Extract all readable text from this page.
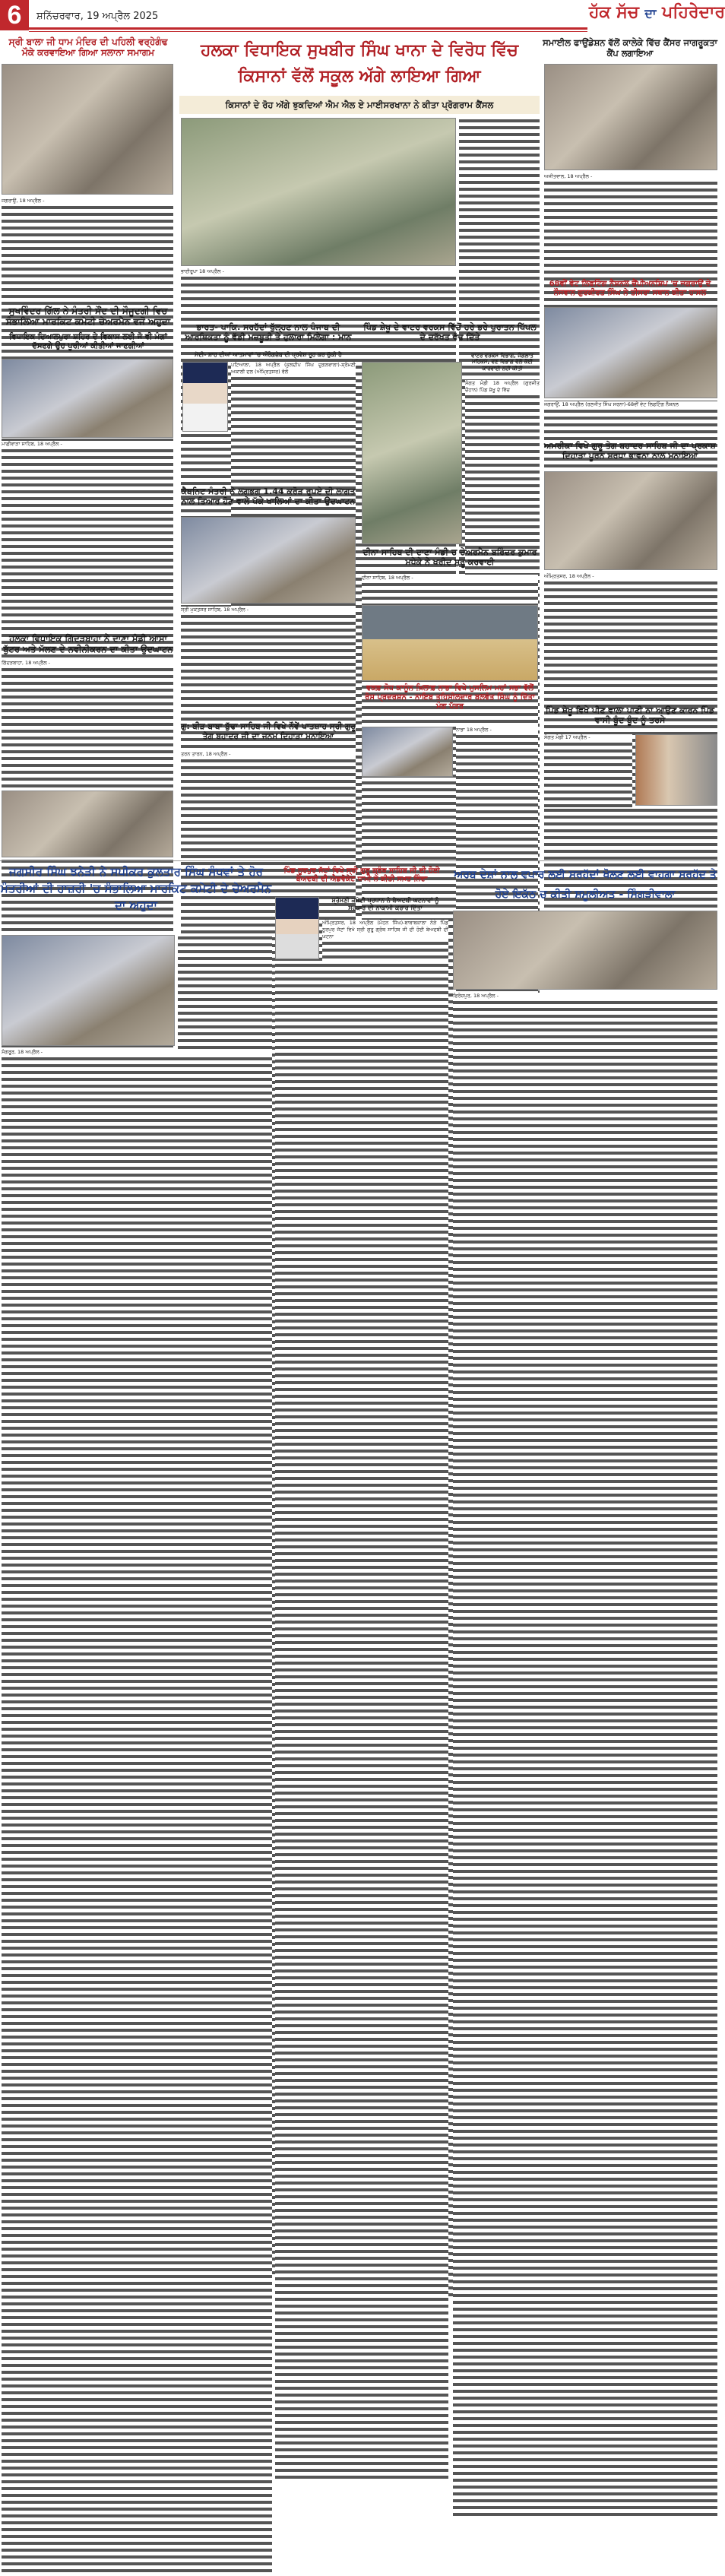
6	ਸ਼ਨਿੱਚਰਵਾਰ, 19 ਅਪ੍ਰੈਲ 2025	ਹੱਕ ਸੱਚ ਦਾ ਪਹਿਰੇਦਾਰ
ਸ੍ਰੀ ਬਾਲਾ ਜੀ ਧਾਮ ਮੰਦਿਰ ਦੀ ਪਹਿਲੀ ਵਰ੍ਹੇਗੰਢ ਮੌਕੇ ਕਰਵਾਇਆ ਗਿਆ ਸਲਾਨਾ ਸਮਾਗਮ
ਜਗਰਾਉਂ, 18 ਅਪ੍ਰੈਲ -
ਸੁਖਵਿੰਦਰ ਗਿੱਲ ਨੇ ਮੰਤਰੀ ਸੌਂਦ ਦੀ ਮੌਜੂਦਗੀ ਵਿਚ ਸੰਭਾਲਿਆ ਮਾਰਕਿਟ ਕਮੇਟੀ ਚੇਅਰਮੈਨ ਵਜੋਂ ਅਹੁਦਾ
ਵਿਧਾਇਕ ਦਿਆਲਪੁਰਾ ਸ਼ਹਿਰ ਦੇ ਵਿਕਾਸ ਲਈ ਜੋ ਵੀ ਮੰਗਾਂ ਦੱਸਣਗੇ ਉਹ ਪੂਰੀਆਂ ਕੀਤੀਆਂ ਜਾਣਗੀਆਂ
ਮਾਛੀਵਾੜਾ ਸਾਹਿਬ, 18 ਅਪ੍ਰੈਲ -
ਹਲਕਾ ਵਿਧਾਇਕ ਗਿੱਦੜਬਾਹਾ ਨੇ ਦਾਣਾ ਮੰਡੀ ਆਸਾ ਬੁੱਟਰ ਅਤੇ ਮੱਲਣ ਦੇ ਨਵੀਨੀਕਰਨ ਦਾ ਕੀਤਾ ਉਦਘਾਟਨ
ਗਿੱਦੜਬਾਹਾ, 18 ਅਪ੍ਰੈਲ -
ਹਲਕਾ ਵਿਧਾਇਕ ਸੁਖਬੀਰ ਸਿੰਘ ਖਾਨਾ ਦੇ ਵਿਰੋਧ ਵਿੱਚ ਕਿਸਾਨਾਂ ਵੱਲੋਂ ਸਕੂਲ ਅੱਗੇ ਲਾਇਆ ਗਿਆ
ਕਿਸਾਨਾਂ ਦੇ ਰੋਹ ਅੱਗੇ ਝੁਕਦਿਆਂ ਐਮ ਐਲ ਏ ਮਾਈਸਰਖਾਨਾ ਨੇ ਕੀਤਾ ਪ੍ਰੋਗਰਾਮ ਕੈਂਸਲ
ਭਾਈਰੂਪਾ 18 ਅਪ੍ਰੈਲ -
ਭਾਰਤ- ਪਾਕਿ. ਸਰਹੱਦਾਂ ਖੁੱਲ੍ਹਣ ਨਾਲ ਪੰਜਾਬ ਦੀ ਆਰਥਿਕਤਾ ਨੂੰ ਵੱਡੀ ਮਜ਼ਬੂਤੀ ਤੇ ਹੁਲਾਰਾ ਮਿਲੇਗਾ : ਮਾਨ
ਮੋਦੀ- ਸ਼ਾਹ ਦੀਆਂ ਆਤਮਾਵਾਂ 'ਚ ਔਰੰਗਜ਼ੇਬ ਦੀ ਪ੍ਰਵੇਸ਼ ਰੂਹ ਕਰ ਚੁੱਕੀ ਹੈ
ਪਟਿਆਲਾ, 18 ਅਪ੍ਰੈਲ (ਕੁਲਦੀਪ ਸਿੰਘ ਦੁਗਲਵਾਲਾ)-ਸ਼੍ਰੋਮਣੀ ਅਕਾਲੀ ਦਲ (ਅੰਮ੍ਰਿਤਸਰ) ਵੱਲੋਂ
ਕੈਬਨਿਟ ਮੰਤਰੀ ਨੇ ਲਗਭਗ 1.44 ਕਰੋੜ ਰੁਪਏ ਦੀ ਲਾਗਤ ਨਾਲ ਤਿਆਰ ਹੋਣ ਵਾਲੇ ਪੱਕੇ ਖਾਲਿਆਂ ਦਾ ਕੀਤਾ ਉਦਘਾਟਨ
ਸ੍ਰੀ ਮੁਕਤਸਰ ਸਾਹਿਬ, 18 ਅਪ੍ਰੈਲ -
ਪਿੰਡ ਸ਼ੇਖੂ ਦੇ ਵਾਟਰ ਵਰਕਸ ਵਿੱਚੋਂ ਹਰੇ ਭਰੇ ਪੁਰਾਤਨ ਪਿੱਪਲ ਦੇ ਦਰੱਖਤ ਵੱਢ ਦਿੱਤੇ
ਵਾਟਰ ਵਰਕਸ ਵਿਭਾਗ, ਜੰਗਲਾਤ ਮਹਿਕਮੇ, ਵਣ ਵਿਭਾਗ ਵੱਲੋਂ ਕੋਈ ਕਾਰਵਾਈ ਨਹੀਂ ਕੀਤੀ
ਸੰਗਤ ਮੰਡੀ 18 ਅਪ੍ਰੈਲ (ਗੁਰਜੀਤ ਚੌਹਾਨ) ਪਿੰਡ ਸ਼ੇਖੂ ਦੇ ਵਿੱਚ
ਦੀਨਾ ਸਾਹਿਬ ਦੀ ਦਾਣਾ ਮੰਡੀ ਚ ਚੇਅਰਮੈਨ ਬਰਿੰਦਰ ਕੁਮਾਰ ਮਧੇਕੇ ਨੇ ਖਰੀਦ ਸ਼ੁਰੂ ਕਰਵਾਈ
ਦੀਨਾ ਸਾਹਿਬ, 18 ਅਪ੍ਰੈਲ -
ਵਕਫ਼ ਸੋਧ ਕਾਨੂੰਨ ਖ਼ਿਲਾਫ਼ ਨਾਭਾ ਵਿਖੇ ਮੁਸਲਿਮ ਮਹਾਂ ਸਭਾ ਵੱਲੋਂ ਰੋਸ ਪ੍ਰਦਰਸ਼ਨ - ਨਾਇਬ ਤਹਿਸੀਲਦਾਰ ਬਲਵੰਤ ਸਿੰਘ ਨੂੰ ਦਿੱਤਾ ਮੰਗ ਪੱਤਰ
ਨਾਭਾ 18 ਅਪ੍ਰੈਲ -
ਗੁ: ਬੀੜ ਬਾਬਾ ਬੁੱਢਾ ਸਾਹਿਬ ਜੀ ਵਿਖੇ ਨੌਵੇਂ ਪਾਤਸ਼ਾਹ ਸ੍ਰੀ ਗੁਰੂ ਤੇਗ ਬਹਾਦਰ ਜੀ ਦਾ ਜਨਮ ਦਿਹਾੜਾ ਮਨਾਇਆ
ਤਰਨ ਤਾਰਨ, 18 ਅਪ੍ਰੈਲ -
ਸਮਾਈਲ ਫਾਉਂਡੇਸ਼ਨ ਵੱਲੋਂ ਕਾਲੇਕੇ ਵਿੱਚ ਕੈਂਸਰ ਜਾਗਰੂਕਤਾ ਕੈਂਪ ਲਗਾਇਆ
ਅਜੀਤਵਾਲ, 18 ਅਪ੍ਰੈਲ -
68ਵੀਂ ਵੇਟ ਲਿਫਟਿੰਗ ਨੈਸ਼ਨਲ ਚੈਂਪੀਅਨਸ਼ਿਪ 'ਚ ਜਗਰਾਉਂ ਦੇ ਨੌਜਵਾਨ ਗੁਰਕੀਰਤ ਸਿੰਘ ਨੇ ਤੀਸਰਾ ਸਥਾਨ ਕੀਤਾ ਹਾਸਲ
ਜਗਰਾਉਂ, 18 ਅਪ੍ਰੈਲ (ਰਣਜੀਤ ਸਿੰਘ ਸਰਨਾ)-68ਵੀਂ ਵੇਟ ਲਿਫਟਿੰਗ ਨੈਸ਼ਨਲ
ਅਮਰੀਕਾ ਵਿਖੇ ਗੁਰੂ ਤੇਗ ਬਹਾਦਰ ਸਾਹਿਬ ਜੀ ਦਾ ਪ੍ਰਕਾਸ਼ ਦਿਹਾੜਾ ਪੂਰਨ ਸ਼ਰਧਾ ਭਾਵਨਾ ਨਾਲ ਮਨਾਇਆ
ਅੰਮ੍ਰਿਤਸਰ, 18 ਅਪ੍ਰੈਲ -
ਪਿੰਡ ਸ਼ੇਖੂ ਵਿਖੇ ਪੀਣ ਵਾਲਾ ਪਾਣੀ ਨਾ ਆਉਣ ਕਾਰਨ ਪਿੰਡ ਵਾਸੀ ਬੂੰਦ ਬੂੰਦ ਨੂੰ ਤਰਸੇ
ਸੰਗਤ ਮੰਡੀ 17 ਅਪ੍ਰੈਲ -
ਜਗਸੀਰ ਸਿੰਘ ਝਨੇੜੀ ਨੇ ਸਪੀਕਰ ਕੁਲਤਾਰ ਸਿੰਘ ਸੰਧਵਾਂ ਤੇ ਹੋਰ ਮੰਤਰੀਆਂ ਦੀ ਹਾਜ਼ਰੀ 'ਚ ਸੰਭਾਲਿਆ ਮਾਰਕਿਟ ਕਮੇਟੀ ਦੇ ਚੇਅਰਮੈਨ ਦਾ ਅਹੁਦਾ
ਸੰਗਰੂਰ, 18 ਅਪ੍ਰੈਲ -
ਪਿੰਡ ਨੂਰਪੁਰ ਜੱਟਾਂ ਵਿਖੇ ਸ੍ਰੀ ਗੁਰੂ ਗ੍ਰੰਥ ਸਾਹਿਬ ਜੀ ਦੀ ਹੋਈ ਬੇਅਦਬੀ ਦੀ ਐਡਵੋਕੇਟ ਧਾਮੀ ਨੇ ਕੀਤੀ ਸਖ਼ਤ ਨਿੰਦਾ
ਸ਼੍ਰੋਮਣੀ ਕਮੇਟੀ ਪ੍ਰਧਾਨ ਨੇ ਬੇਅਦਬੀ ਘਟਨਾਵਾਂ ਨੂੰ ਸਰਕਾਰ ਦੀ ਨਾਕਾਮੀ ਕਰਾਰ ਦਿੱਤਾ
ਅੰਮ੍ਰਿਤਸਰ, 18 ਅਪ੍ਰੈਲ (ਮੋਹਨ ਸਿੰਘ)-ਬਾਬਾਬਕਾਲਾ ਨੇੜੇ ਪਿੰਡ ਨੂਰਪੁਰ ਜੱਟਾਂ ਵਿਖੇ ਸ੍ਰੀ ਗੁਰੂ ਗ੍ਰੰਥ ਸਾਹਿਬ ਜੀ ਦੀ ਹੋਈ ਬੇਅਦਬੀ ਦੀ ਘਟਨਾ
ਅਰਬ ਦੇਸ਼ਾਂ ਨਾਲ ਵਪਾਰ ਲਈ ਸਰਹੱਦਾਂ ਖੋਲਣ ਲਈ ਵਾਹਗਾ ਸਰਹੱਦ ਤੇ ਹੋਏ ਇਕੱਠ ਚ ਕੀਤੀ ਸ਼ਮੂਲੀਅਤ - ਸਿੰਗੜੀਵਾਲਾ
ਫਿਰੋਜ਼ਪੁਰ, 18 ਅਪ੍ਰੈਲ -
